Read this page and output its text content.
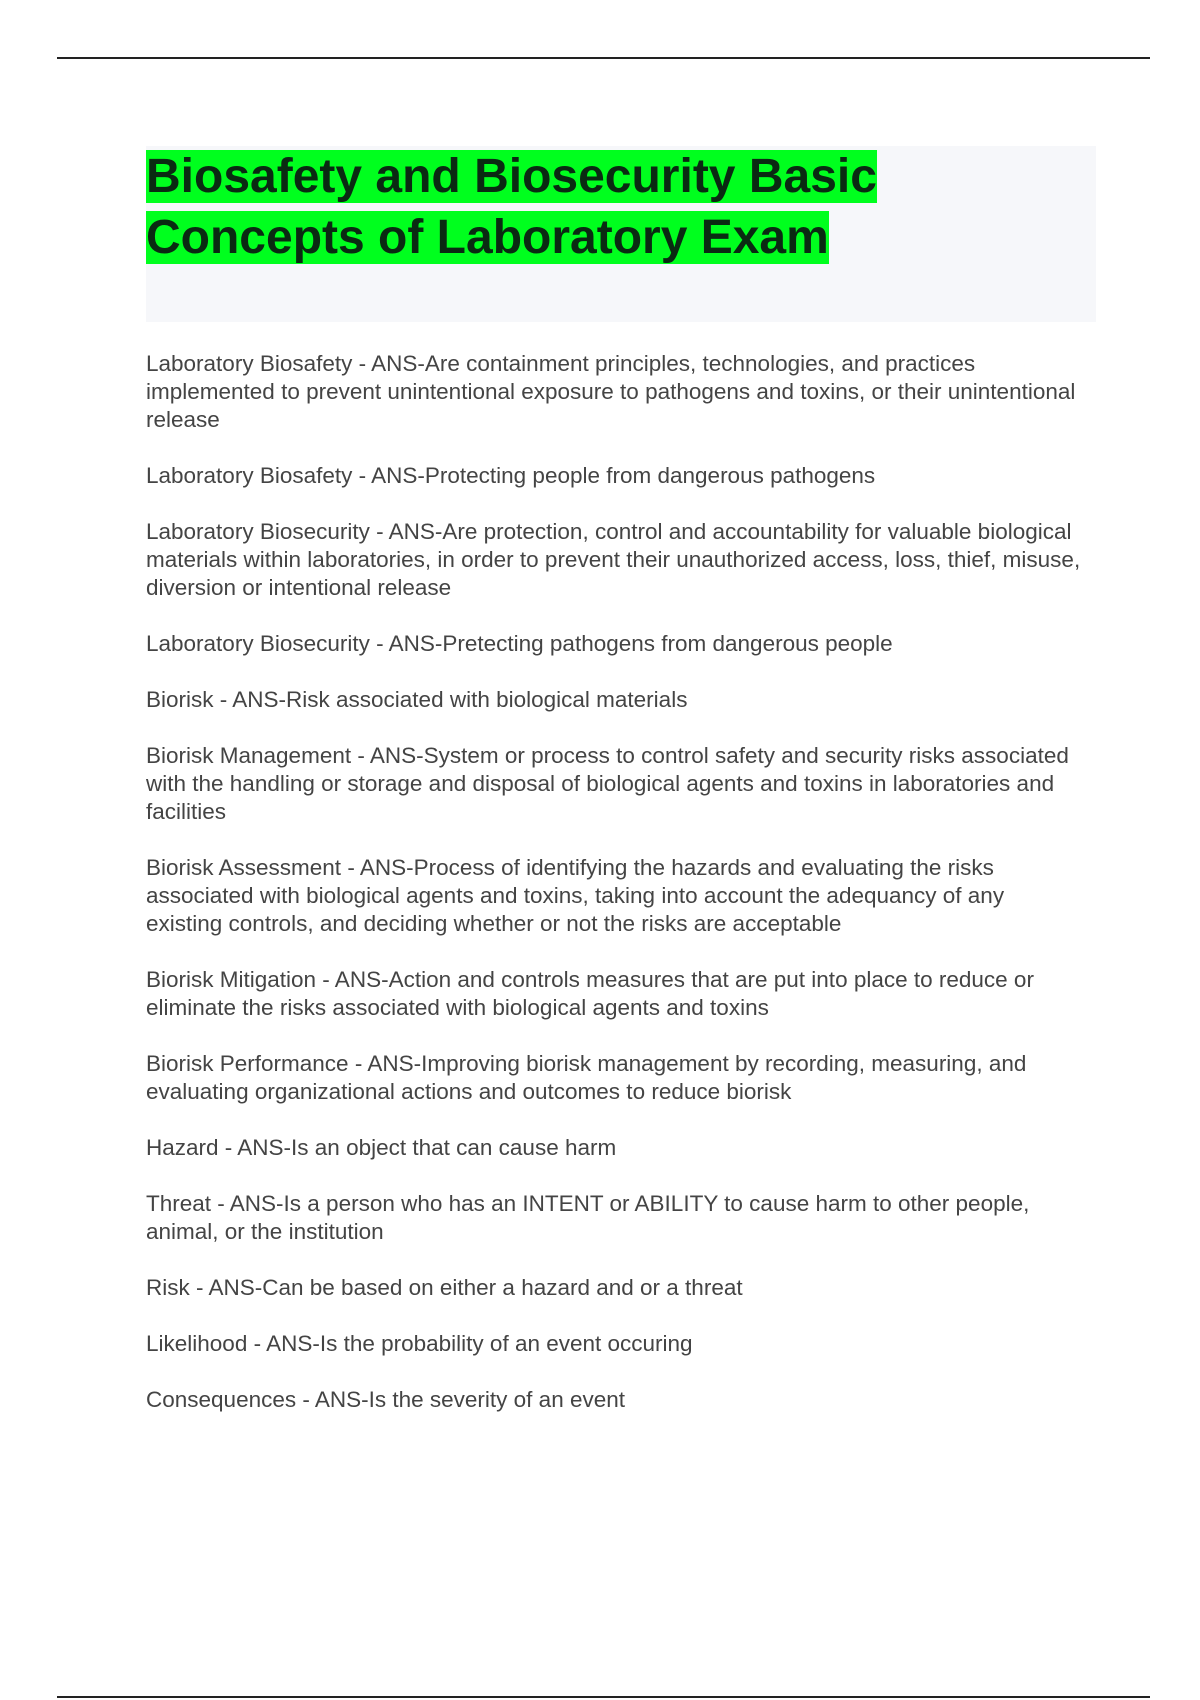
Biosafety and Biosecurity Basic Concepts of Laboratory Exam

Laboratory Biosafety - ANS-Are containment principles, technologies, and practices implemented to prevent unintentional exposure to pathogens and toxins, or their unintentional release

Laboratory Biosafety - ANS-Protecting people from dangerous pathogens

Laboratory Biosecurity - ANS-Are protection, control and accountability for valuable biological materials within laboratories, in order to prevent their unauthorized access, loss, thief, misuse, diversion or intentional release

Laboratory Biosecurity - ANS-Pretecting pathogens from dangerous people

Biorisk - ANS-Risk associated with biological materials

Biorisk Management - ANS-System or process to control safety and security risks associated with the handling or storage and disposal of biological agents and toxins in laboratories and facilities

Biorisk Assessment - ANS-Process of identifying the hazards and evaluating the risks associated with biological agents and toxins, taking into account the adequancy of any existing controls, and deciding whether or not the risks are acceptable

Biorisk Mitigation - ANS-Action and controls measures that are put into place to reduce or eliminate the risks associated with biological agents and toxins

Biorisk Performance - ANS-Improving biorisk management by recording, measuring, and evaluating organizational actions and outcomes to reduce biorisk

Hazard - ANS-Is an object that can cause harm

Threat - ANS-Is a person who has an INTENT or ABILITY to cause harm to other people, animal, or the institution

Risk - ANS-Can be based on either a hazard and or a threat

Likelihood - ANS-Is the probability of an event occuring

Consequences - ANS-Is the severity of an event
